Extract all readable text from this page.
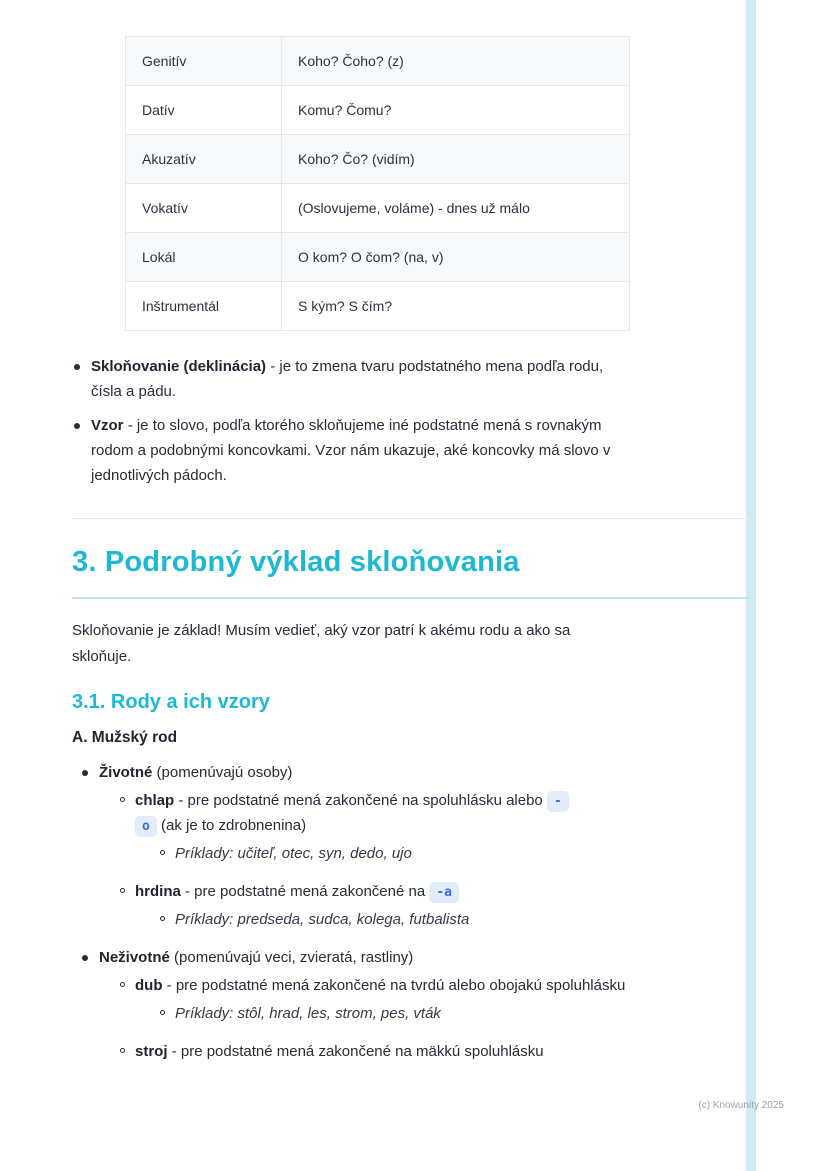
Genitív	Koho? Čoho? (z)
Datív	Komu? Čomu?
Akuzatív	Koho? Čo? (vidím)
Vokatív	(Oslovujeme, voláme) - dnes už málo
Lokál	O kom? O čom? (na, v)
Inštrumentál	S kým? S čím?
Skloňovanie (deklinácia) - je to zmena tvaru podstatného mena podľa rodu, čísla a pádu.
Vzor - je to slovo, podľa ktorého skloňujeme iné podstatné mená s rovnakým rodom a podobnými koncovkami. Vzor nám ukazuje, aké koncovky má slovo v jednotlivých pádoch.
3. Podrobný výklad skloňovania

Skloňovanie je základ! Musím vedieť, aký vzor patrí k akému rodu a ako sa skloňuje.

3.1. Rody a ich vzory
A. Mužský rod
Životné (pomenúvajú osoby)
chlap - pre podstatné mená zakončené na spoluhlásku alebo -
o (ak je to zdrobnenina)
Príklady: učiteľ, otec, syn, dedo, ujo
hrdina - pre podstatné mená zakončené na -a
Príklady: predseda, sudca, kolega, futbalista
Neživotné (pomenúvajú veci, zvieratá, rastliny)
dub - pre podstatné mená zakončené na tvrdú alebo obojakú spoluhlásku
Príklady: stôl, hrad, les, strom, pes, vták
stroj - pre podstatné mená zakončené na mäkkú spoluhlásku
(c) Knowunity 2025
